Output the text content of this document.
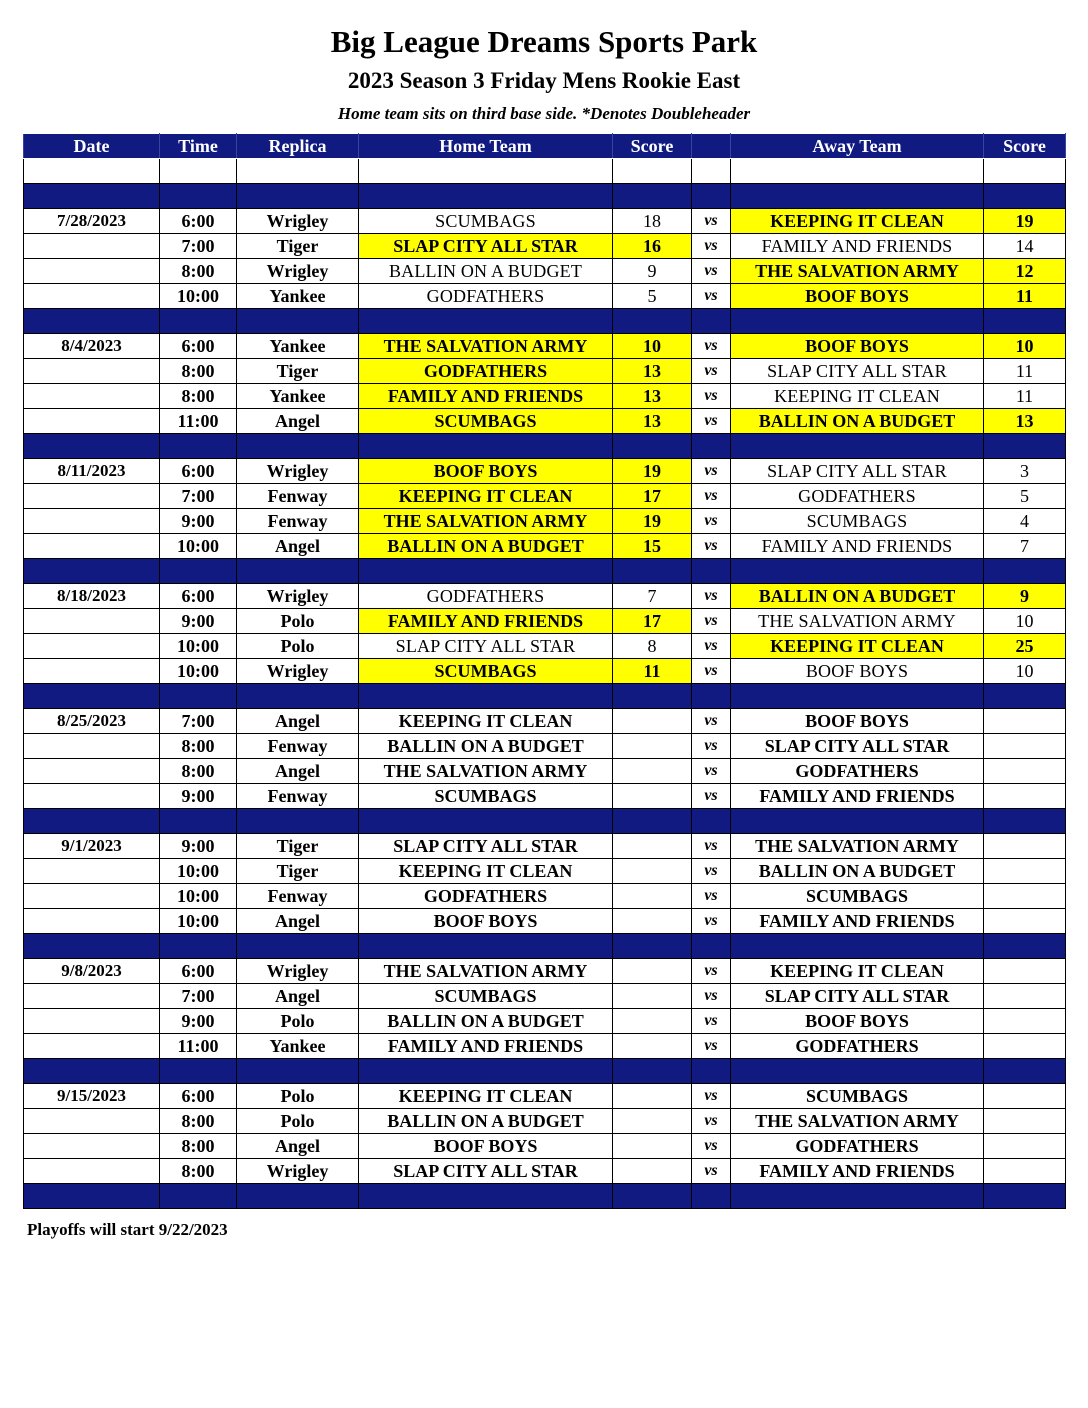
Big League Dreams Sports Park
2023 Season 3 Friday Mens Rookie East
Home team sits on third base side. *Denotes Doubleheader
Date	Time	Replica	Home Team	Score		Away Team	Score

7/28/2023	6:00	Wrigley	SCUMBAGS	18	vs	KEEPING IT CLEAN	19
	7:00	Tiger	SLAP CITY ALL STAR	16	vs	FAMILY AND FRIENDS	14
	8:00	Wrigley	BALLIN ON A BUDGET	9	vs	THE SALVATION ARMY	12
	10:00	Yankee	GODFATHERS	5	vs	BOOF BOYS	11

8/4/2023	6:00	Yankee	THE SALVATION ARMY	10	vs	BOOF BOYS	10
	8:00	Tiger	GODFATHERS	13	vs	SLAP CITY ALL STAR	11
	8:00	Yankee	FAMILY AND FRIENDS	13	vs	KEEPING IT CLEAN	11
	11:00	Angel	SCUMBAGS	13	vs	BALLIN ON A BUDGET	13

8/11/2023	6:00	Wrigley	BOOF BOYS	19	vs	SLAP CITY ALL STAR	3
	7:00	Fenway	KEEPING IT CLEAN	17	vs	GODFATHERS	5
	9:00	Fenway	THE SALVATION ARMY	19	vs	SCUMBAGS	4
	10:00	Angel	BALLIN ON A BUDGET	15	vs	FAMILY AND FRIENDS	7

8/18/2023	6:00	Wrigley	GODFATHERS	7	vs	BALLIN ON A BUDGET	9
	9:00	Polo	FAMILY AND FRIENDS	17	vs	THE SALVATION ARMY	10
	10:00	Polo	SLAP CITY ALL STAR	8	vs	KEEPING IT CLEAN	25
	10:00	Wrigley	SCUMBAGS	11	vs	BOOF BOYS	10

8/25/2023	7:00	Angel	KEEPING IT CLEAN		vs	BOOF BOYS	
	8:00	Fenway	BALLIN ON A BUDGET		vs	SLAP CITY ALL STAR	
	8:00	Angel	THE SALVATION ARMY		vs	GODFATHERS	
	9:00	Fenway	SCUMBAGS		vs	FAMILY AND FRIENDS	

9/1/2023	9:00	Tiger	SLAP CITY ALL STAR		vs	THE SALVATION ARMY	
	10:00	Tiger	KEEPING IT CLEAN		vs	BALLIN ON A BUDGET	
	10:00	Fenway	GODFATHERS		vs	SCUMBAGS	
	10:00	Angel	BOOF BOYS		vs	FAMILY AND FRIENDS	

9/8/2023	6:00	Wrigley	THE SALVATION ARMY		vs	KEEPING IT CLEAN	
	7:00	Angel	SCUMBAGS		vs	SLAP CITY ALL STAR	
	9:00	Polo	BALLIN ON A BUDGET		vs	BOOF BOYS	
	11:00	Yankee	FAMILY AND FRIENDS		vs	GODFATHERS	

9/15/2023	6:00	Polo	KEEPING IT CLEAN		vs	SCUMBAGS	
	8:00	Polo	BALLIN ON A BUDGET		vs	THE SALVATION ARMY	
	8:00	Angel	BOOF BOYS		vs	GODFATHERS	
	8:00	Wrigley	SLAP CITY ALL STAR		vs	FAMILY AND FRIENDS	

Playoffs will start 9/22/2023
